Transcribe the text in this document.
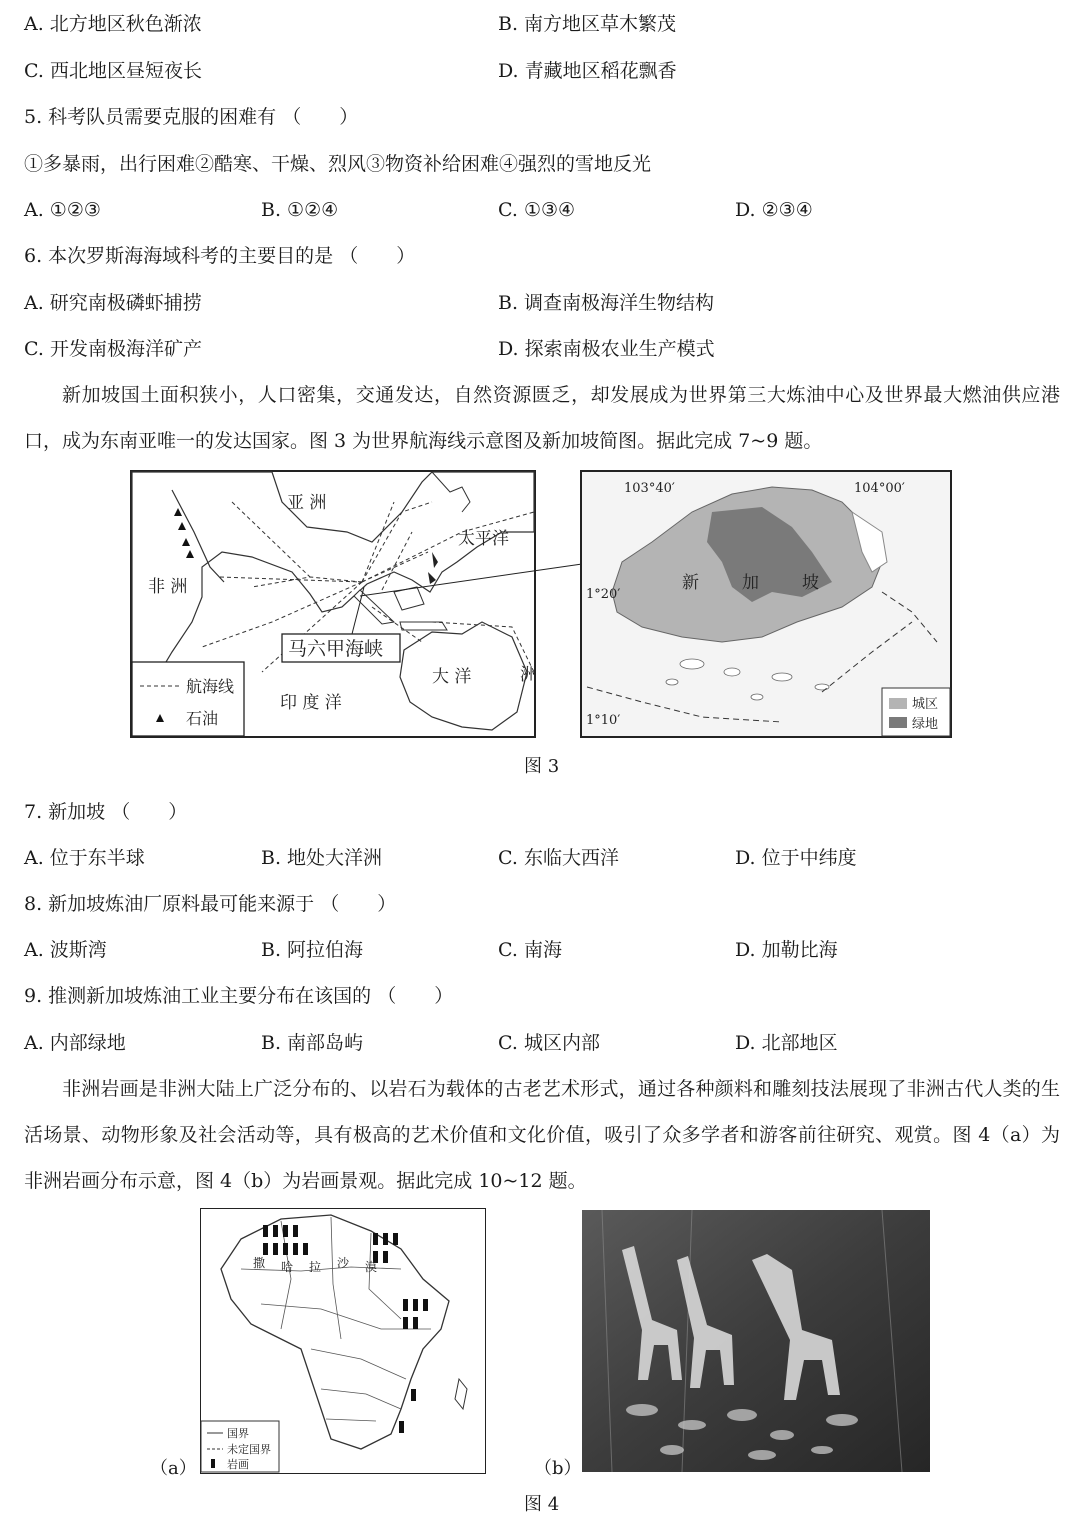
A. 北方地区秋色渐浓	B. 南方地区草木繁茂
C. 西北地区昼短夜长	D. 青藏地区稻花飘香
5. 科考队员需要克服的困难有 （　　）
①多暴雨，出行困难②酷寒、干燥、烈风③物资补给困难④强烈的雪地反光
A. ①②③	B. ①②④	C. ①③④	D. ②③④
6. 本次罗斯海海域科考的主要目的是 （　　）
A. 研究南极磷虾捕捞	B. 调查南极海洋生物结构
C. 开发南极海洋矿产	D. 探索南极农业生产模式
新加坡国土面积狭小，人口密集，交通发达，自然资源匮乏，却发展成为世界第三大炼油中心及世界最大燃油供应港口，成为东南亚唯一的发达国家。图 3 为世界航海线示意图及新加坡简图。据此完成 7~9 题。
亚 洲
太平洋
非 洲
印 度 洋
大 洋	洲
马六甲海峡
航海线
石油
103°40′	104°00′
1°20′
1°10′
新	加	坡
城区
绿地
图 3
7. 新加坡 （　　）
A. 位于东半球	B. 地处大洋洲	C. 东临大西洋	D. 位于中纬度
8. 新加坡炼油厂原料最可能来源于 （　　）
A. 波斯湾	B. 阿拉伯海	C. 南海	D. 加勒比海
9. 推测新加坡炼油工业主要分布在该国的 （　　）
A. 内部绿地	B. 南部岛屿	C. 城区内部	D. 北部地区
非洲岩画是非洲大陆上广泛分布的、以岩石为载体的古老艺术形式，通过各种颜料和雕刻技法展现了非洲古代人类的生活场景、动物形象及社会活动等，具有极高的艺术价值和文化价值，吸引了众多学者和游客前往研究、观赏。图 4（a）为非洲岩画分布示意，图 4（b）为岩画景观。据此完成 10~12 题。
撒 哈 拉 沙 漠
国界
未定国界
岩画
（a）	（b）
图 4
